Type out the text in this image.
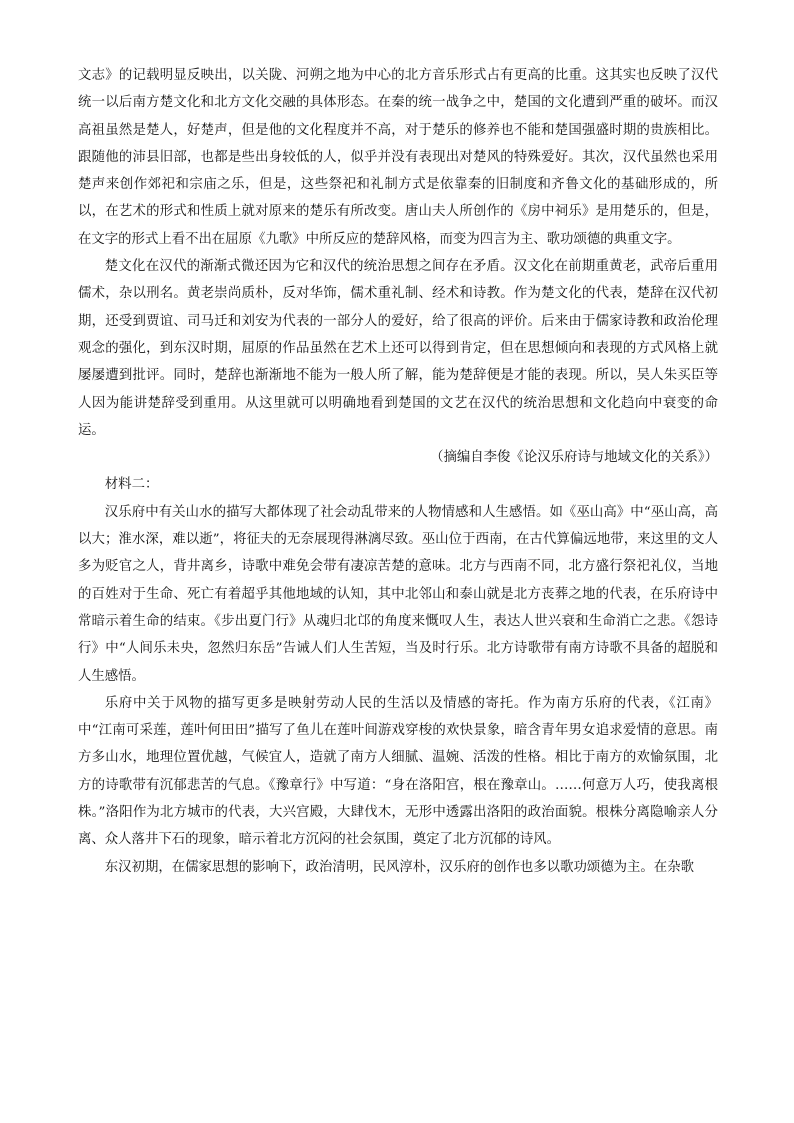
文志》的记载明显反映出，以关陇、河朔之地为中心的北方音乐形式占有更高的比重。这其实也反映了汉代统一以后南方楚文化和北方文化交融的具体形态。在秦的统一战争之中，楚国的文化遭到严重的破坏。而汉高祖虽然是楚人，好楚声，但是他的文化程度并不高，对于楚乐的修养也不能和楚国强盛时期的贵族相比。跟随他的沛县旧部，也都是些出身较低的人，似乎并没有表现出对楚风的特殊爱好。其次，汉代虽然也采用楚声来创作郊祀和宗庙之乐，但是，这些祭祀和礼制方式是依靠秦的旧制度和齐鲁文化的基础形成的，所以，在艺术的形式和性质上就对原来的楚乐有所改变。唐山夫人所创作的《房中祠乐》是用楚乐的，但是，在文字的形式上看不出在屈原《九歌》中所反应的楚辞风格，而变为四言为主、歌功颂德的典重文字。

楚文化在汉代的渐渐式微还因为它和汉代的统治思想之间存在矛盾。汉文化在前期重黄老，武帝后重用儒术，杂以刑名。黄老崇尚质朴，反对华饰，儒术重礼制、经术和诗教。作为楚文化的代表，楚辞在汉代初期，还受到贾谊、司马迁和刘安为代表的一部分人的爱好，给了很高的评价。后来由于儒家诗教和政治伦理观念的强化，到东汉时期，屈原的作品虽然在艺术上还可以得到肯定，但在思想倾向和表现的方式风格上就屡屡遭到批评。同时，楚辞也渐渐地不能为一般人所了解，能为楚辞便是才能的表现。所以，吴人朱买臣等人因为能讲楚辞受到重用。从这里就可以明确地看到楚国的文艺在汉代的统治思想和文化趋向中衰变的命运。

（摘编自李俊《论汉乐府诗与地域文化的关系》）

材料二：

汉乐府中有关山水的描写大都体现了社会动乱带来的人物情感和人生感悟。如《巫山高》中“巫山高，高以大；淮水深，难以逝”，将征夫的无奈展现得淋漓尽致。巫山位于西南，在古代算偏远地带，来这里的文人多为贬官之人，背井离乡，诗歌中难免会带有凄凉苦楚的意味。北方与西南不同，北方盛行祭祀礼仪，当地的百姓对于生命、死亡有着超乎其他地域的认知，其中北邻山和泰山就是北方丧葬之地的代表，在乐府诗中常暗示着生命的结束。《步出夏门行》从魂归北邙的角度来慨叹人生，表达人世兴衰和生命消亡之悲。《怨诗行》中“人间乐未央，忽然归东岳”告诫人们人生苦短，当及时行乐。北方诗歌带有南方诗歌不具备的超脱和人生感悟。

乐府中关于风物的描写更多是映射劳动人民的生活以及情感的寄托。作为南方乐府的代表，《江南》中“江南可采莲，莲叶何田田”描写了鱼儿在莲叶间游戏穿梭的欢快景象，暗含青年男女追求爱情的意思。南方多山水，地理位置优越，气候宜人，造就了南方人细腻、温婉、活泼的性格。相比于南方的欢愉氛围，北方的诗歌带有沉郁悲苦的气息。《豫章行》中写道：“身在洛阳宫，根在豫章山。……何意万人巧，使我离根株。”洛阳作为北方城市的代表，大兴宫殿，大肆伐木，无形中透露出洛阳的政治面貌。根株分离隐喻亲人分离、众人落井下石的现象，暗示着北方沉闷的社会氛围，奠定了北方沉郁的诗风。

东汉初期，在儒家思想的影响下，政治清明，民风淳朴，汉乐府的创作也多以歌功颂德为主。在杂歌
